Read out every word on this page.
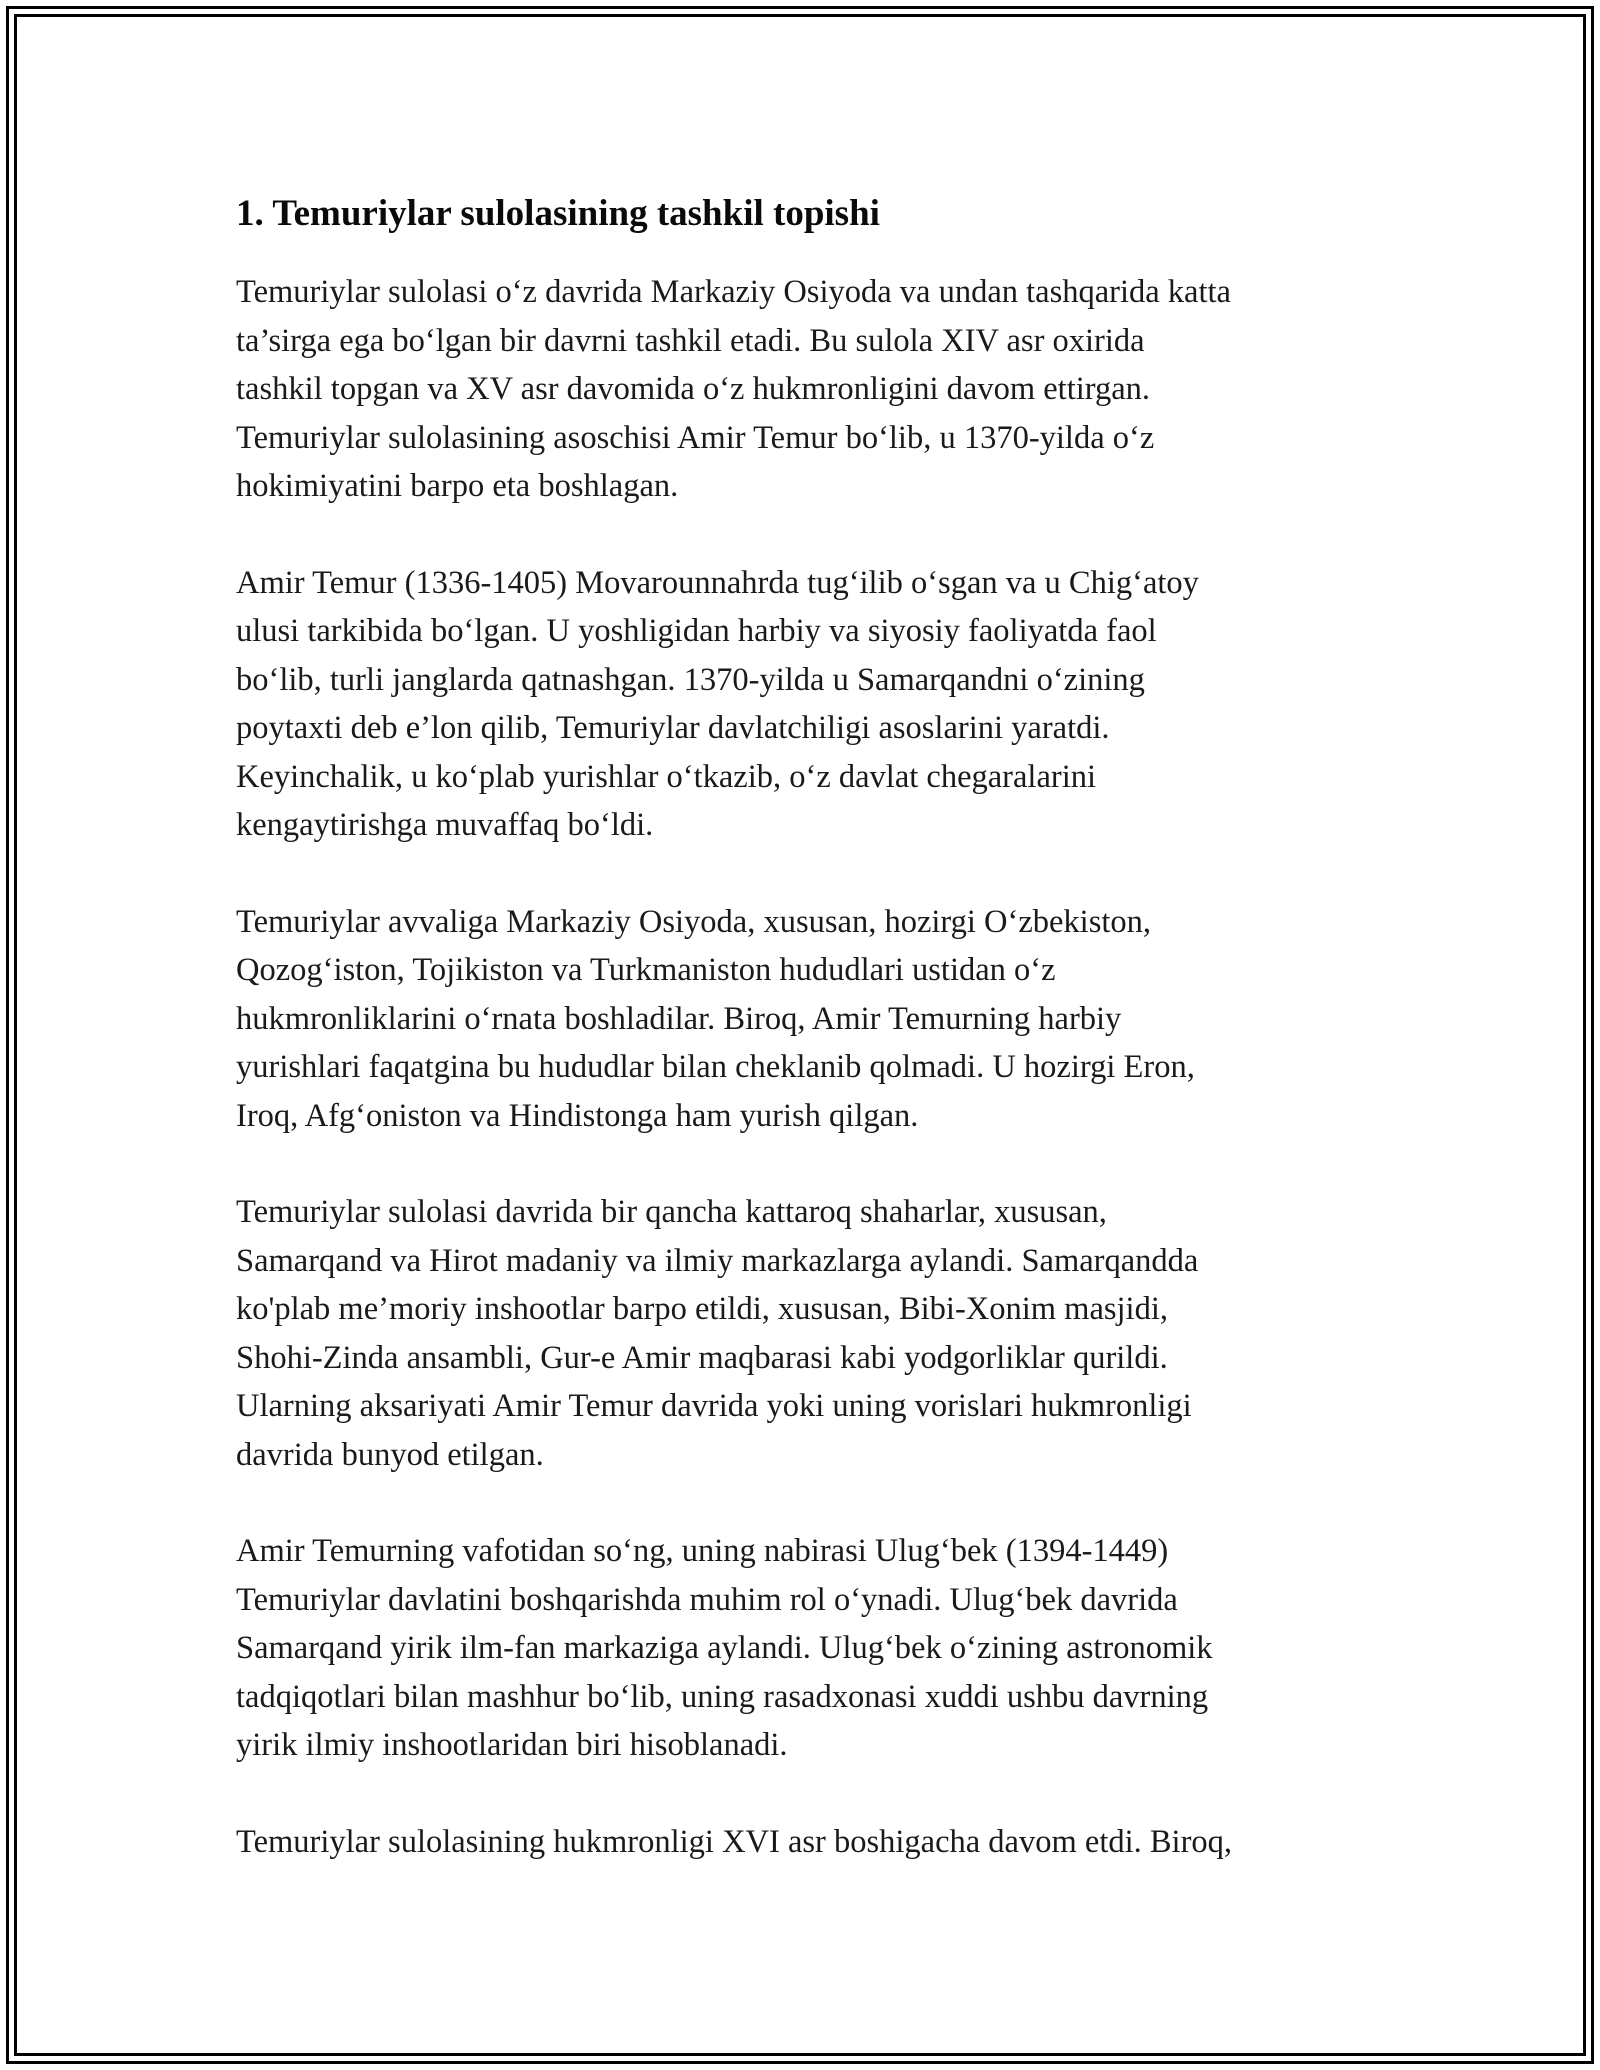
1. Temuriylar sulolasining tashkil topishi

Temuriylar sulolasi o‘z davrida Markaziy Osiyoda va undan tashqarida katta
ta’sirga ega bo‘lgan bir davrni tashkil etadi. Bu sulola XIV asr oxirida
tashkil topgan va XV asr davomida o‘z hukmronligini davom ettirgan.
Temuriylar sulolasining asoschisi Amir Temur bo‘lib, u 1370-yilda o‘z
hokimiyatini barpo eta boshlagan.

Amir Temur (1336-1405) Movarounnahrda tug‘ilib o‘sgan va u Chig‘atoy
ulusi tarkibida bo‘lgan. U yoshligidan harbiy va siyosiy faoliyatda faol
bo‘lib, turli janglarda qatnashgan. 1370-yilda u Samarqandni o‘zining
poytaxti deb e’lon qilib, Temuriylar davlatchiligi asoslarini yaratdi.
Keyinchalik, u ko‘plab yurishlar o‘tkazib, o‘z davlat chegaralarini
kengaytirishga muvaffaq bo‘ldi.

Temuriylar avvaliga Markaziy Osiyoda, xususan, hozirgi O‘zbekiston,
Qozog‘iston, Tojikiston va Turkmaniston hududlari ustidan o‘z
hukmronliklarini o‘rnata boshladilar. Biroq, Amir Temurning harbiy
yurishlari faqatgina bu hududlar bilan cheklanib qolmadi. U hozirgi Eron,
Iroq, Afg‘oniston va Hindistonga ham yurish qilgan.

Temuriylar sulolasi davrida bir qancha kattaroq shaharlar, xususan,
Samarqand va Hirot madaniy va ilmiy markazlarga aylandi. Samarqandda
ko'plab me’moriy inshootlar barpo etildi, xususan, Bibi-Xonim masjidi,
Shohi-Zinda ansambli, Gur-e Amir maqbarasi kabi yodgorliklar qurildi.
Ularning aksariyati Amir Temur davrida yoki uning vorislari hukmronligi
davrida bunyod etilgan.

Amir Temurning vafotidan so‘ng, uning nabirasi Ulug‘bek (1394-1449)
Temuriylar davlatini boshqarishda muhim rol o‘ynadi. Ulug‘bek davrida
Samarqand yirik ilm-fan markaziga aylandi. Ulug‘bek o‘zining astronomik
tadqiqotlari bilan mashhur bo‘lib, uning rasadxonasi xuddi ushbu davrning
yirik ilmiy inshootlaridan biri hisoblanadi.

Temuriylar sulolasining hukmronligi XVI asr boshigacha davom etdi. Biroq,
